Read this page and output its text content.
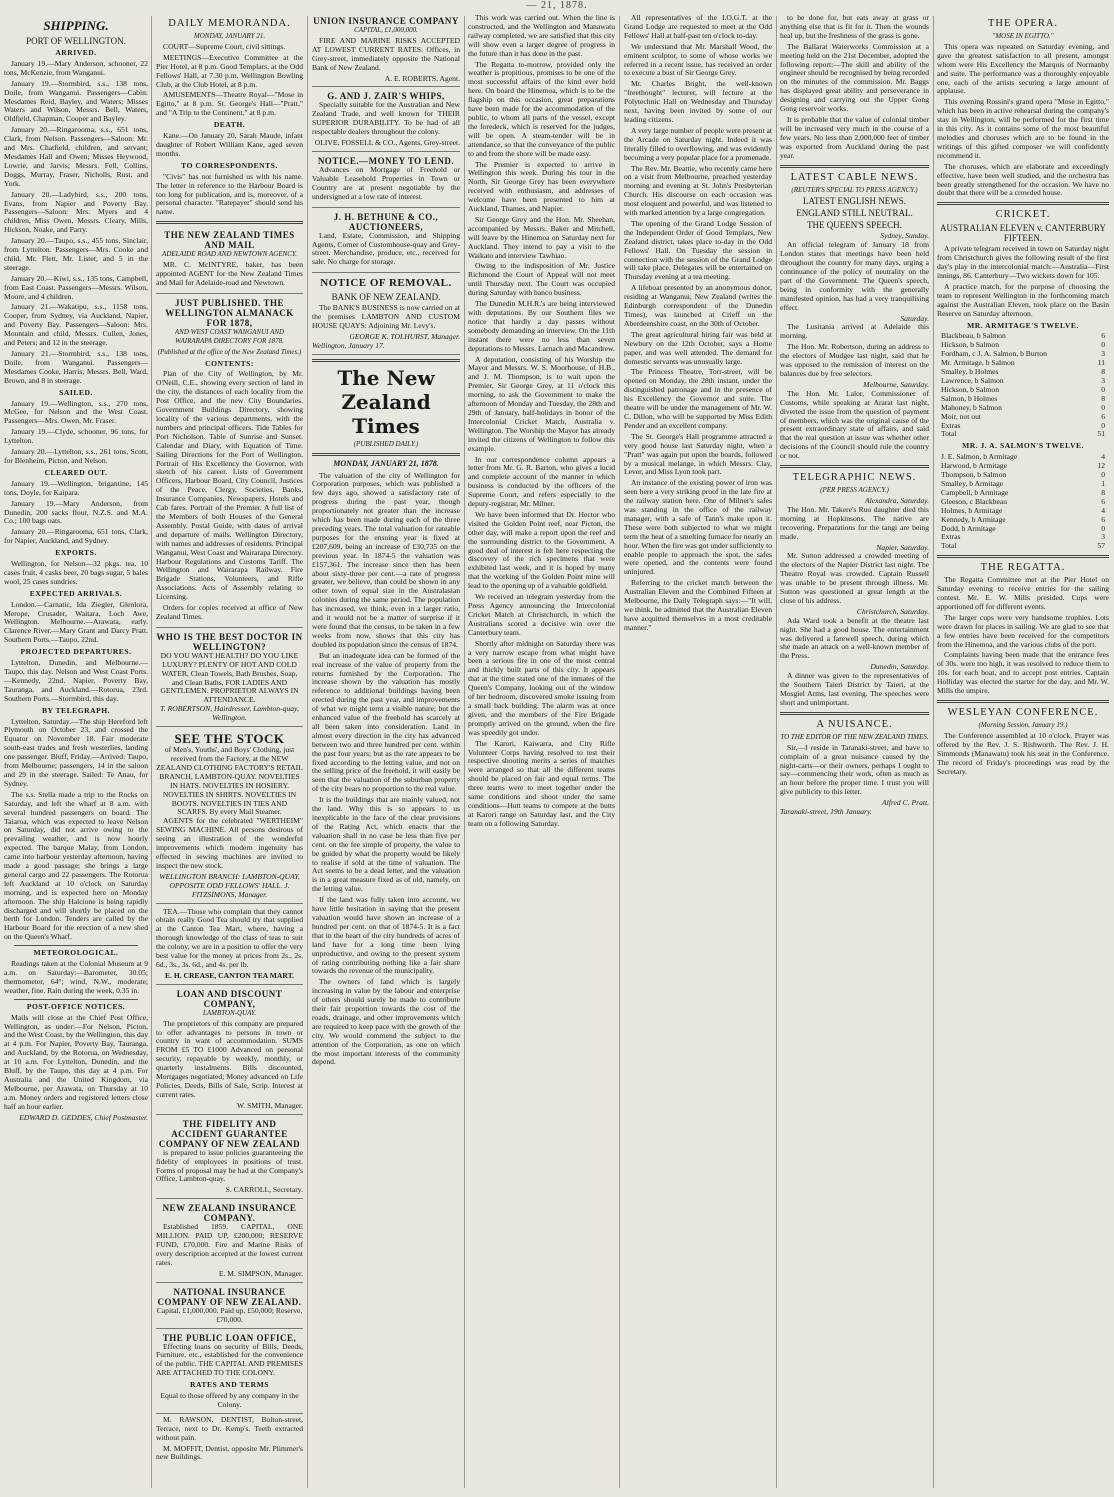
— 21, 1878.
SHIPPING.
PORT OF WELLINGTON.
ARRIVED.

January 19.—Mary Anderson, schooner, 22 tons, McKenzie, from Wanganui.

January 19.—Stormbird, s.s., 138 tons, Doile, from Wanganui. Passengers—Cabin: Mesdames Reid, Bayley, and Waters; Misses Waters and Wilson, Messrs. Bell, Waters, Oldfield, Chapman, Cooper and Bayley.

January 20.—Ringarooma, s.s., 651 tons, Clark, from Nelson. Passengers—Saloon: Mr. and Mrs. Chatfield, children, and servant; Mesdames Hall and Owen; Misses Heywood, Lowrie, and Jarvis; Messrs. Fell, Collins, Doggs, Murray, Fraser, Nicholls, Rust, and York.

January 20.—Ladybird, s.s., 200 tons, Evans, from Napier and Poverty Bay. Passengers—Saloon: Mrs. Myers and 4 children, Miss Owen, Messrs. Cleary, Mills, Hickson, Noake, and Parry.

January 20.—Taupo, s.s., 455 tons, Sinclair, from Lyttelton. Passengers—Mrs. Cooke and child, Mr. Flett, Mr. Lister, and 5 in the steerage.

January 20.—Kiwi, s.s., 135 tons, Campbell, from East Coast. Passengers—Messrs. Wilson, Moore, and 4 children.

January 21.—Wakatipu, s.s., 1158 tons, Cooper, from Sydney, via Auckland, Napier, and Poverty Bay. Passengers—Saloon: Mrs. Mountain and child, Messrs. Cullen, Jones, and Peters; and 12 in the steerage.

January 21.—Stormbird, s.s., 138 tons, Doile, from Wanganui. Passengers—Mesdames Cooke, Harris; Messrs. Bell, Ward, Brown, and 8 in steerage.

SAILED.

January 19.—Wellington, s.s., 270 tons, McGee, for Nelson and the West Coast. Passengers—Mrs. Owen, Mr. Fraser.

January 19.—Clyde, schooner, 96 tons, for Lyttelton.

January 20.—Lyttelton, s.s., 261 tons, Scott, for Blenheim, Picton, and Nelson.

CLEARED OUT.

January 19.—Wellington, brigantine, 145 tons, Doyle, for Kaipara.

January 19.—Mary Anderson, from Dunedin, 200 sacks flour, N.Z.S. and M.A. Co.; 100 bags oats.

January 20.—Ringarooma, 651 tons, Clark, for Napier, Auckland, and Sydney.

EXPORTS.

Wellington, for Nelson—32 pkgs. tea, 10 cases fruit, 4 casks beer, 20 bags sugar, 5 bales wool, 25 cases sundries.

EXPECTED ARRIVALS.

London.—Carnatic, Ida Ziegler, Glenlora, Merope, Crusader, Waitara, Loch Awe, Wellington. Melbourne.—Arawata, early. Clarence River.—Mary Grant and Darcy Pratt. Southern Ports.—Taupo, 22nd.

PROJECTED DEPARTURES.

Lyttelton, Dunedin, and Melbourne.—Taupo, this day. Nelson and West Coast Ports.—Kennedy, 22nd. Napier, Poverty Bay, Tauranga, and Auckland.—Rotorua, 23rd. Southern Ports.—Stormbird, this day.

BY TELEGRAPH.

Lyttelton, Saturday.—The ship Hereford left Plymouth on October 23, and crossed the Equator on November 18. Fair moderate south-east trades and fresh westerlies, landing one passenger. Bluff, Friday.—Arrived: Taupo, from Melbourne; passengers, 14 in the saloon and 29 in the steerage. Sailed: Te Anau, for Sydney.

The s.s. Stella made a trip to the Rocks on Saturday, and left the wharf at 8 a.m. with several hundred passengers on board. The Taiaroa, which was expected to leave Nelson on Saturday, did not arrive owing to the prevailing weather, and is now hourly expected. The barque Malay, from London, came into harbour yesterday afternoon, having made a good passage; she brings a large general cargo and 22 passengers. The Rotorua left Auckland at 10 o'clock on Saturday morning, and is expected here on Monday afternoon. The ship Halcione is being rapidly discharged and will shortly be placed on the berth for London. Tenders are called by the Harbour Board for the erection of a new shed on the Queen's Wharf.

METEOROLOGICAL.

Readings taken at the Colonial Museum at 9 a.m. on Saturday:—Barometer, 30.05; thermometer, 64°; wind, N.W., moderate; weather, fine. Rain during the week, 0.35 in.

POST-OFFICE NOTICES.

Mails will close at the Chief Post Office, Wellington, as under:—For Nelson, Picton, and the West Coast, by the Wellington, this day at 4 p.m. For Napier, Poverty Bay, Tauranga, and Auckland, by the Rotorua, on Wednesday, at 10 a.m. For Lyttelton, Dunedin, and the Bluff, by the Taupo, this day at 4 p.m. For Australia and the United Kingdom, via Melbourne, per Arawata, on Thursday at 10 a.m. Money orders and registered letters close half an hour earlier.

EDWARD D. GEDDES, Chief Postmaster.
DAILY MEMORANDA.
MONDAY, JANUARY 21.

COURT—Supreme Court, civil sittings.

MEETINGS—Executive Committee at the Pier Hotel, at 8 p.m. Good Templars, at the Odd Fellows' Hall, at 7.30 p.m. Wellington Bowling Club, at the Club Hotel, at 8 p.m.

AMUSEMENTS—Theatre Royal—"Mose in Egitto," at 8 p.m. St. George's Hall—"Pratt," and "A Trip to the Continent," at 8 p.m.

DEATH.

Kane.—On January 20, Sarah Maude, infant daughter of Robert William Kane, aged seven months.

TO CORRESPONDENTS.

"Civis" has not furnished us with his name. The letter in reference to the Harbour Board is too long for publication, and is, moreover, of a personal character. "Ratepayer" should send his name.

THE NEW ZEALAND TIMES AND MAIL
ADELAIDE ROAD AND NEWTOWN AGENCY.

MR. C. McINTYRE, baker, has been appointed AGENT for the New Zealand Times and Mail for Adelaide-road and Newtown.

JUST PUBLISHED. THE WELLINGTON ALMANACK FOR 1878,
AND WEST COAST WANGANUI AND WAIRARAPA DIRECTORY FOR 1878.
(Published at the office of the New Zealand Times.)
CONTENTS:

Plan of the City of Wellington, by Mr. O'Neill, C.E., showing every section of land in the city, the distances of each locality from the Post Office, and the new City Boundaries. Government Buildings Directory, showing locality of the various departments, with the numbers and principal officers. Tide Tables for Port Nicholson. Table of Sunrise and Sunset. Calendar and Diary, with Equation of Time. Sailing Directions for the Port of Wellington. Portrait of His Excellency the Governor, with sketch of his career. Lists of Government Officers, Harbour Board, City Council, Justices of the Peace, Clergy, Societies, Banks, Insurance Companies, Newspapers, Hotels and Cab fares. Portrait of the Premier. A full list of the Members of both Houses of the General Assembly. Postal Guide, with dates of arrival and departure of mails. Wellington Directory, with names and addresses of residents. Principal Wanganui, West Coast and Wairarapa Directory. Harbour Regulations and Customs Tariff. The Wellington and Wairarapa Railway. Fire Brigade Stations, Volunteers, and Rifle Associations. Acts of Assembly relating to Licensing.

Orders for copies received at office of New Zealand Times.

WHO IS THE BEST DOCTOR IN WELLINGTON?
DO YOU WANT HEALTH? DO YOU LIKE LUXURY? PLENTY OF HOT AND COLD WATER, Clean Towels, Bath Brushes, Soap, and Clean Baths, FOR LADIES AND GENTLEMEN. PROPRIETOR ALWAYS IN ATTENDANCE.
T. ROBERTSON, Hairdresser, Lambton-quay, Wellington.
SEE THE STOCK
of Men's, Youths', and Boys' Clothing, just received from the Factory, at the NEW ZEALAND CLOTHING FACTORY'S RETAIL BRANCH, LAMBTON-QUAY. NOVELTIES IN HATS. NOVELTIES IN HOSIERY. NOVELTIES IN SHIRTS. NOVELTIES IN BOOTS. NOVELTIES IN TIES AND SCARFS. By every Mail Steamer.

AGENTS for the celebrated "WERTHEIM" SEWING MACHINE. All persons desirous of seeing an illustration of the wonderful improvements which modern ingenuity has effected in sewing machines are invited to inspect the new stock.

WELLINGTON BRANCH: LAMBTON-QUAY, OPPOSITE ODD FELLOWS' HALL. J. FITZSIMONS, Manager.

TEA.—Those who complain that they cannot obtain really Good Tea should try that supplied at the Canton Tea Mart, where, having a thorough knowledge of the class of teas to suit the colony, we are in a position to offer the very best value for the money at prices from 2s., 2s. 6d., 3s., 3s. 6d., and 4s. per lb.

E. H. CREASE, CANTON TEA MART.
LOAN AND DISCOUNT COMPANY,
LAMBTON-QUAY.

The proprietors of this company are prepared to offer advantages to persons in town or country in want of accommodation. SUMS FROM £5 TO £1000 Advanced on personal security, repayable by weekly, monthly, or quarterly instalments. Bills discounted, Mortgages negotiated; Money advanced on Life Policies, Deeds, Bills of Sale, Scrip. Interest at current rates.

W. SMITH, Manager.
THE FIDELITY AND ACCIDENT GUARANTEE COMPANY OF NEW ZEALAND

is prepared to issue policies guaranteeing the fidelity of employees in positions of trust. Forms of proposal may be had at the Company's Office, Lambton-quay.

S. CARROLL, Secretary.
NEW ZEALAND INSURANCE COMPANY.

Established 1859. CAPITAL, ONE MILLION. PAID UP, £200,000; RESERVE FUND, £70,000. Fire and Marine Risks of every description accepted at the lowest current rates.

E. M. SIMPSON, Manager.
NATIONAL INSURANCE COMPANY OF NEW ZEALAND.
Capital, £1,000,000. Paid up, £50,000; Reserve, £70,000.
THE PUBLIC LOAN OFFICE,

Effecting loans on security of Bills, Deeds, Furniture, etc., established for the convenience of the public. THE CAPITAL AND PREMISES ARE ATTACHED TO THE COLONY.

RATES AND TERMS
Equal to those offered by any company in the Colony.

M. RAWSON, DENTIST, Bolton-street, Terrace, next to Dr. Kemp's. Teeth extracted without pain.

M. MOFFIT, Dentist, opposite Mr. Plimmer's new Buildings.

UNION INSURANCE COMPANY
CAPITAL, £1,000,000.

FIRE AND MARINE RISKS ACCEPTED AT LOWEST CURRENT RATES. Offices, in Grey-street, immediately opposite the National Bank of New Zealand.

A. E. ROBERTS, Agent.
G. AND J. ZAIR'S WHIPS,

Specially suitable for the Australian and New Zealand Trade, and well known for THEIR SUPERIOR DURABILITY. To be had of all respectable dealers throughout the colony.

OLIVE, FOSSELL & CO., Agents, Grey-street.
NOTICE.—MONEY TO LEND.

Advances on Mortgage of Freehold or Valuable Leasehold Properties in Town or Country are at present negotiable by the undersigned at a low rate of interest.

J. H. BETHUNE & CO., AUCTIONEERS,

Land, Estate, Commission, and Shipping Agents, Corner of Customhouse-quay and Grey-street. Merchandise, produce, etc., received for sale. No charge for storage.

NOTICE OF REMOVAL.
BANK OF NEW ZEALAND.

The BANK'S BUSINESS is now carried on at the premises LAMBTON AND CUSTOM HOUSE QUAYS: Adjoining Mr. Levy's.

GEORGE K. TOLHURST, Manager.
Wellington, January 17.
The New Zealand Times
(PUBLISHED DAILY.)
MONDAY, JANUARY 21, 1878.

The valuation of the city of Wellington for Corporation purposes, which was published a few days ago, showed a satisfactory rate of progress during the past year, though proportionately not greater than the increase which has been made during each of the three preceding years. The total valuation for rateable purposes for the ensuing year is fixed at £207,609, being an increase of £30,735 on the previous year. In 1874-5 the valuation was £157,361. The increase since then has been about sixty-three per cent.—a rate of progress greater, we believe, than could be shown in any other town of equal size in the Australasian colonies during the same period. The population has increased, we think, even in a larger ratio, and it would not be a matter of surprise if it were found that the census, to be taken in a few weeks from now, shows that this city has doubled its population since the census of 1874.

But an inadequate idea can be formed of the real increase of the value of property from the returns furnished by the Corporation. The increase shown by the valuation has mostly reference to additional buildings having been erected during the past year, and improvements of what we might term a visible nature; but the enhanced value of the freehold has scarcely at all been taken into consideration. Land in almost every direction in the city has advanced between two and three hundred per cent. within the past four years; but as the rate appears to be fixed according to the letting value, and not on the selling price of the freehold, it will easily be seen that the valuation of the suburban property of the city bears no proportion to the real value.

It is the buildings that are mainly valued, not the land. Why this is so appears to us inexplicable in the face of the clear provisions of the Rating Act, which enacts that the valuation shall in no case be less than five per cent. on the fee simple of property, the value to be guided by what the property would be likely to realise if sold at the time of valuation. The Act seems to be a dead letter, and the valuation is in a great measure fixed as of old, namely, on the letting value.

If the land was fully taken into account, we have little hesitation in saying that the present valuation would have shown an increase of a hundred per cent. on that of 1874-5. It is a fact that in the heart of the city hundreds of acres of land have for a long time been lying unproductive, and owing to the present system of rating contributing nothing like a fair share towards the revenue of the municipality.

The owners of land which is largely increasing in value by the labour and enterprise of others should surely be made to contribute their fair proportion towards the cost of the roads, drainage, and other improvements which are required to keep pace with the growth of the city. We would commend the subject to the attention of the Corporation, as one on which the most important interests of the community depend.

This work was carried out. When the line is constructed, and the Wellington and Manawatu railway completed, we are satisfied that this city will show even a larger degree of progress in the future than it has done in the past.

The Regatta to-morrow, provided only the weather is propitious, promises to be one of the most successful affairs of the kind ever held here. On board the Hinemoa, which is to be the flagship on this occasion, great preparations have been made for the accommodation of the public, to whom all parts of the vessel, except the foredeck, which is reserved for the judges, will be open. A steam-tender will be in attendance, so that the conveyance of the public to and from the shore will be made easy.

The Premier is expected to arrive in Wellington this week. During his tour in the North, Sir George Grey has been everywhere received with enthusiasm, and addresses of welcome have been presented to him at Auckland, Thames, and Napier.

Sir George Grey and the Hon. Mr. Sheehan, accompanied by Messrs. Baker and Mitchell, will leave by the Hinemoa on Saturday next for Auckland. They intend to pay a visit to the Waikato and interview Tawhiao.

Owing to the indisposition of Mr. Justice Richmond the Court of Appeal will not meet until Thursday next. The Court was occupied during Saturday with banco business.

The Dunedin M.H.R.'s are being interviewed with deputations. By our Southern files we notice that hardly a day passes without somebody demanding an interview. On the 11th instant there were no less than seven deputations to Messrs. Larnach and Macandrew.

A deputation, consisting of his Worship the Mayor and Messrs. W. S. Moorhouse, of H.B., and J. M. Thompson, is to wait upon the Premier, Sir George Grey, at 11 o'clock this morning, to ask the Government to make the afternoon of Monday and Tuesday, the 28th and 29th of January, half-holidays in honor of the Intercolonial Cricket Match, Australia v. Wellington. The Worship the Mayor has already invited the citizens of Wellington to follow this example.

In our correspondence column appears a letter from Mr. G. R. Barton, who gives a lucid and complete account of the manner in which business is conducted by the officers of the Supreme Court, and refers especially to the deputy-registrar, Mr. Milner.

We have been informed that Dr. Hector who visited the Golden Point reef, near Picton, the other day, will make a report upon the reef and the surrounding district to the Government. A good deal of interest is felt here respecting the discovery of the rich specimens that were exhibited last week, and it is hoped by many that the working of the Golden Point mine will lead to the opening up of a valuable goldfield.

We received an telegram yesterday from the Press Agency announcing the Intercolonial Cricket Match at Christchurch, in which the Australians scored a decisive win over the Canterbury team.

Shortly after midnight on Saturday there was a very narrow escape from what might have been a serious fire in one of the most central and thickly built parts of this city. It appears that at the time stated one of the inmates of the Queen's Company, looking out of the window of her bedroom, discovered smoke issuing from a small back building. The alarm was at once given, and the members of the Fire Brigade promptly arrived on the ground, when the fire was speedily got under.

The Karori, Kaiwarra, and City Rifle Volunteer Corps having resolved to test their respective shooting merits a series of matches were arranged so that all the different teams should be placed on fair and equal terms. The three teams were to meet together under the same conditions and shoot under the same conditions—Hutt teams to compete at the butts at Karori range on Saturday last, and the City team on a following Saturday.

All representatives of the I.O.G.T. at the Grand Lodge are requested to meet at the Odd Fellows' Hall at half-past ten o'clock to-day.

We understand that Mr. Marshall Wood, the eminent sculptor, to some of whose works we referred in a recent issue, has received an order to execute a bust of Sir George Grey.

Mr. Charles Bright, the well-known "freethought" lecturer, will lecture at the Polytechnic Hall on Wednesday and Thursday next, having been invited by some of our leading citizens.

A very large number of people were present at the Arcade on Saturday night. Indeed it was literally filled to overflowing, and was evidently becoming a very popular place for a promenade.

The Rev. Mr. Beattie, who recently came here on a visit from Melbourne, preached yesterday morning and evening at St. John's Presbyterian Church. His discourse on each occasion was most eloquent and powerful, and was listened to with marked attention by a large congregation.

The opening of the Grand Lodge Session of the Independent Order of Good Templars, New Zealand district, takes place to-day in the Odd Fellows' Hall. On Tuesday the session in connection with the session of the Grand Lodge will take place. Delegates will be entertained on Thursday evening at a tea meeting.

A lifeboat presented by an anonymous donor, residing at Wanganui, New Zealand (writes the Edinburgh correspondent of the Dunedin Times), was launched at Crieff on the Aberdeenshire coast, on the 30th of October.

The great agricultural hiring fair was held at Newbury on the 12th October, says a Home paper, and was well attended. The demand for domestic servants was unusually large.

The Princess Theatre, Torr-street, will be opened on Monday, the 28th instant, under the distinguished patronage and in the presence of his Excellency the Governor and suite. The theatre will be under the management of Mr. W. C. Dillon, who will be supported by Miss Edith Pender and an excellent company.

The St. George's Hall programme attracted a very good house last Saturday night, when a "Pratt" was again put upon the boards, followed by a musical melange, in which Messrs. Clay, Lever, and Miss Lyon took part.

An instance of the existing power of iron was seen here a very striking proof in the late fire at the railway station here. One of Milner's safes was standing in the office of the railway manager, with a safe of Tann's make upon it. These were both subjected to what we might term the heat of a smelting furnace for nearly an hour. When the fire was got under sufficiently to enable people to approach the spot, the safes were opened, and the contents were found uninjured.

Referring to the cricket match between the Australian Eleven and the Combined Fifteen at Melbourne, the Daily Telegraph says:—"It will, we think, be admitted that the Australian Eleven have acquitted themselves in a most creditable manner."

to be done for, but eats away at grass or anything else that is fit for it. Then the wounds heal up, but the freshness of the grass is gone.

The Ballarat Waterworks Commission at a meeting held on the 21st December, adopted the following report:—The skill and ability of the engineer should be recognised by being recorded on the minutes of the commission. Mr. Baggs has displayed great ability and perseverance in designing and carrying out the Upper Gong Gong reservoir works.

It is probable that the value of colonial timber will be increased very much in the course of a few years. No less than 2,000,000 feet of timber was exported from Auckland during the past year.

LATEST CABLE NEWS.
(REUTER'S SPECIAL TO PRESS AGENCY.)
LATEST ENGLISH NEWS.
ENGLAND STILL NEUTRAL.
THE QUEEN'S SPEECH.
Sydney, Sunday.

An official telegram of January 18 from London states that meetings have been held throughout the country for many days, urging a continuance of the policy of neutrality on the part of the Government. The Queen's speech, being in conformity with the generally manifested opinion, has had a very tranquilising effect.

Saturday.

The Lusitania arrived at Adelaide this morning.

The Hon. Mr. Robertson, during an address to the electors of Mudgee last night, said that he was opposed to the remission of interest on the balances due by free selectors.

Melbourne, Saturday.

The Hon. Mr. Lalor, Commissioner of Customs, while speaking at Ararat last night, diverted the issue from the question of payment of members, which was the original cause of the present extraordinary state of affairs, and said that the real question at issue was whether other decisions of the Council should rule the country or not.

TELEGRAPHIC NEWS.
(PER PRESS AGENCY.)
Alexandra, Saturday.

The Hon. Mr. Takere's Ruo daughter died this morning at Hopkinsons. The native are recovering. Preparations for the tangi are being made.

Napier, Saturday.

Mr. Sutton addressed a crowded meeting of the electors of the Napier District last night. The Theatre Royal was crowded. Captain Russell was unable to be present through illness. Mr. Sutton was questioned at great length at the close of his address.

Christchurch, Saturday.

Ada Ward took a benefit at the theatre last night. She had a good house. The entertainment was delivered a farewell speech, during which she made an attack on a well-known member of the Press.

Dunedin, Saturday.

A dinner was given to the representatives of the Southern Taieri District by Taieri, at the Mosgiel Arms, last evening. The speeches were short and unimportant.

A NUISANCE.
TO THE EDITOR OF THE NEW ZEALAND TIMES.

Sir,—I reside in Taranaki-street, and have to complain of a great nuisance caused by the night-carts—or their owners, perhaps I ought to say—commencing their work, often as much as an hour before the proper time. I trust you will give publicity to this letter.

Alfred C. Pratt.
Taranaki-street, 19th January.
THE OPERA.
"MOSE IN EGITTO."

This opera was repeated on Saturday evening, and gave the greatest satisfaction to all present, amongst whom were His Excellency the Marquis of Normanby and suite. The performance was a thoroughly enjoyable one, each of the artists securing a large amount of applause.

This evening Rossini's grand opera "Mose in Egitto," which has been in active rehearsal during the company's stay in Wellington, will be performed for the first time in this city. As it contains some of the most beautiful melodies and choruses which are to be found in the writings of this gifted composer we will confidently recommend it.

The choruses, which are elaborate and exceedingly effective, have been well studied, and the orchestra has been greatly strengthened for the occasion. We have no doubt that there will be a crowded house.

CRICKET.
AUSTRALIAN ELEVEN v. CANTERBURY FIFTEEN.

A private telegram received in town on Saturday night from Christchurch gives the following result of the first day's play in the intercolonial match:—Australia—First innings, 86. Canterbury—Two wickets down for 105.

A practice match, for the purpose of choosing the team to represent Wellington in the forthcoming match against the Australian Eleven, took place on the Basin Reserve on Saturday afternoon.

MR. ARMITAGE'S TWELVE.
Blackbeau, b Salmon	6
Hickson, b Salmon	0
Fordham, c J. A. Salmon, b Burton	3
Mr. Armitage, b Salmon	11
Smalley, b Holmes	8
Lawrence, b Salmon	3
Hickson, b Salmon	0
Salmon, b Holmes	8
Mahoney, b Salmon	0
Moir, not out	6
Extras	0
Total	51
MR. J. A. SALMON'S TWELVE.
J. E. Salmon, b Armitage	4
Harwood, b Armitage	12
Thompson, b Salmon	0
Smalley, b Armitage	1
Campbell, b Armitage	8
Gleeson, c Blackbeau	6
Holmes, b Armitage	4
Kennedy, b Armitage	6
Dodd, b Armitage	0
Extras	3
Total	57
THE REGATTA.

The Regatta Committee met at the Pier Hotel on Saturday evening to receive entries for the sailing contest. Mr. E. W. Mills presided. Cups were apportioned off for different events.

The larger cups were very handsome trophies. Lots were drawn for places in sailing. We are glad to see that a few entries have been received for the competitors from the Hinemoa, and the various clubs of the port.

Complaints having been made that the entrance fees of 30s. were too high, it was resolved to reduce them to 10s. for each boat, and to accept post entries. Captain Holliday was elected the starter for the day, and Mr. W. Mills the umpire.

WESLEYAN CONFERENCE.
(Morning Session, January 19.)

The Conference assembled at 10 o'clock. Prayer was offered by the Rev. J. S. Rishworth. The Rev. J. H. Simmonds (Manawatu) took his seat in the Conference. The record of Friday's proceedings was read by the Secretary.
